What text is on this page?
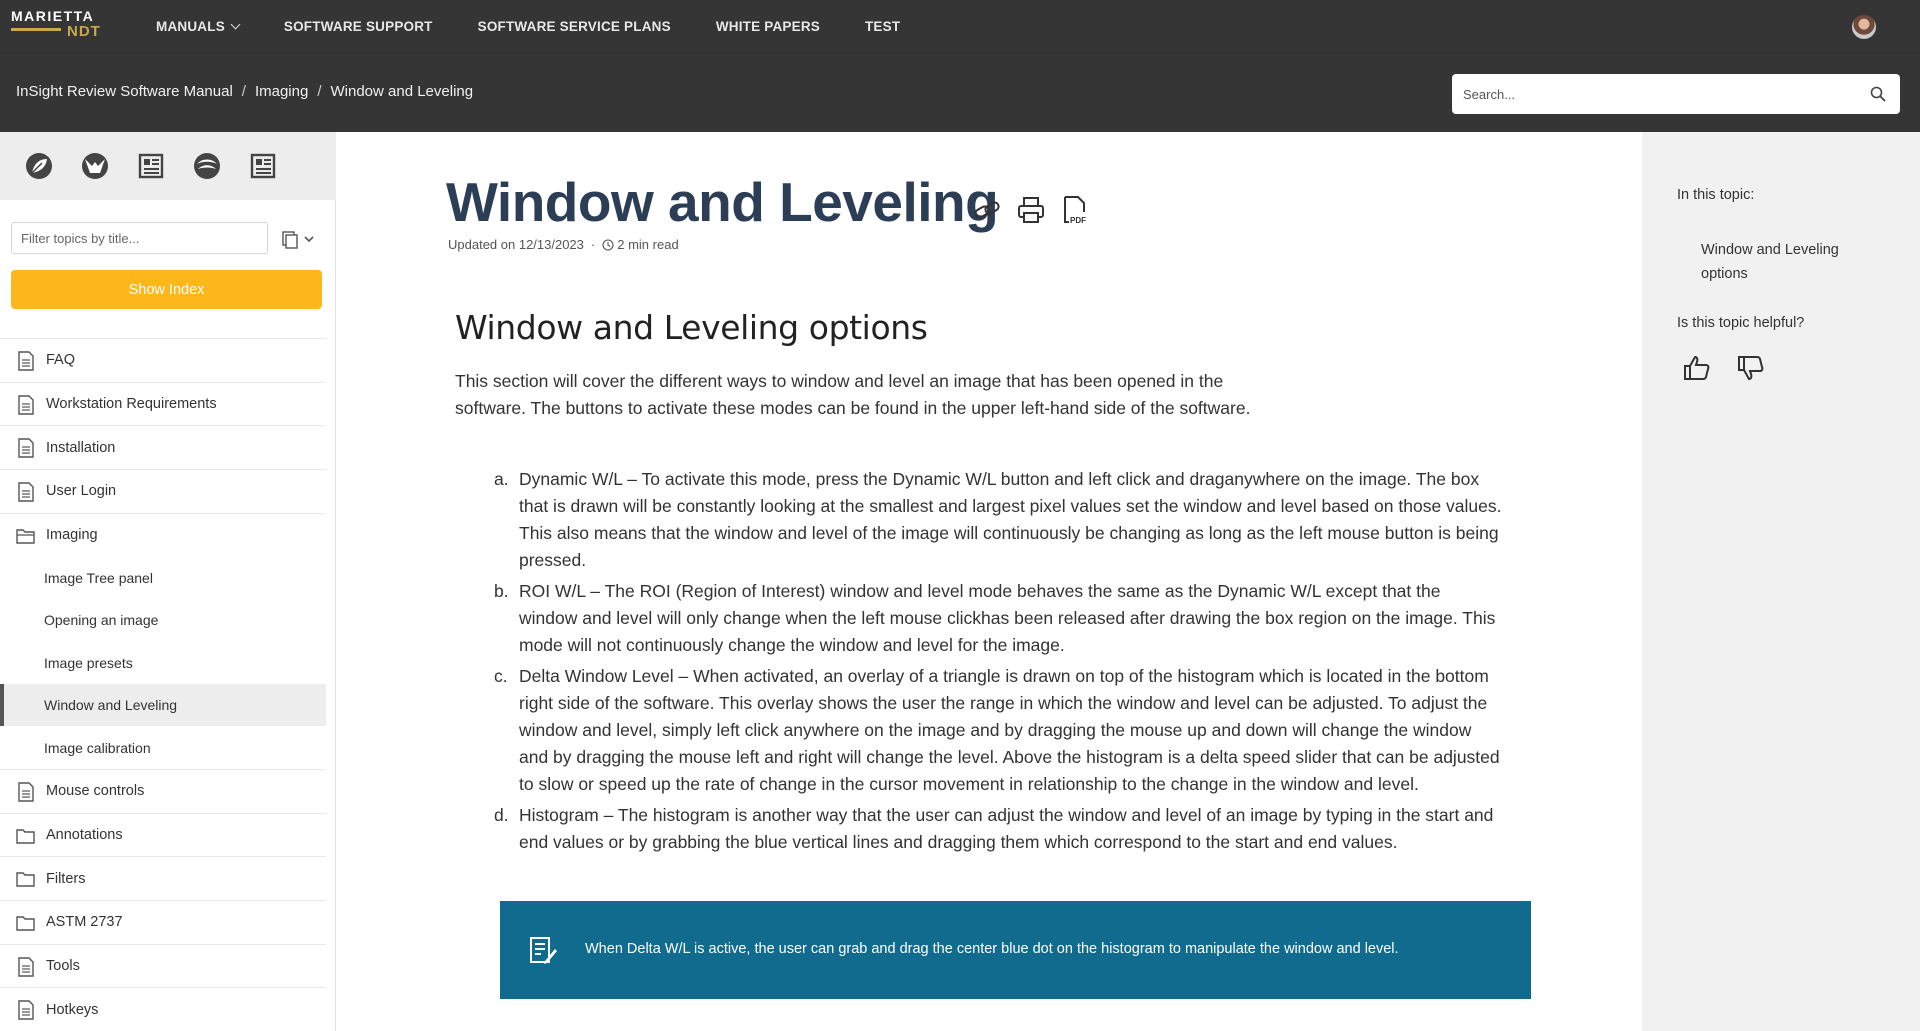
MARIETTA
NDT	MANUALS	SOFTWARE SUPPORT	SOFTWARE SERVICE PLANS	WHITE PAPERS	TEST
InSight Review Software Manual / Imaging / Window and Leveling
Search...
Filter topics by title...
Show Index
FAQ
Workstation Requirements
Installation
User Login
Imaging
Image Tree panel
Opening an image
Image presets
Window and Leveling
Image calibration
Mouse controls
Annotations
Filters
ASTM 2737
Tools
Hotkeys
Window and Leveling	PDF
Updated on 12/13/2023 · 2 min read
Window and Leveling options

This section will cover the different ways to window and level an image that has been opened in the software. The buttons to activate these modes can be found in the upper left-hand side of the software.

a. Dynamic W/L – To activate this mode, press the Dynamic W/L button and left click and draganywhere on the image. The box that is drawn will be constantly looking at the smallest and largest pixel values set the window and level based on those values. This also means that the window and level of the image will continuously be changing as long as the left mouse button is being pressed.
b. ROI W/L – The ROI (Region of Interest) window and level mode behaves the same as the Dynamic W/L except that the window and level will only change when the left mouse clickhas been released after drawing the box region on the image. This mode will not continuously change the window and level for the image.
c. Delta Window Level – When activated, an overlay of a triangle is drawn on top of the histogram which is located in the bottom right side of the software. This overlay shows the user the range in which the window and level can be adjusted. To adjust the window and level, simply left click anywhere on the image and by dragging the mouse up and down will change the window and by dragging the mouse left and right will change the level. Above the histogram is a delta speed slider that can be adjusted to slow or speed up the rate of change in the cursor movement in relationship to the change in the window and level.
d. Histogram – The histogram is another way that the user can adjust the window and level of an image by typing in the start and end values or by grabbing the blue vertical lines and dragging them which correspond to the start and end values.
When Delta W/L is active, the user can grab and drag the center blue dot on the histogram to manipulate the window and level.
In this topic:
Window and Leveling options
Is this topic helpful?
